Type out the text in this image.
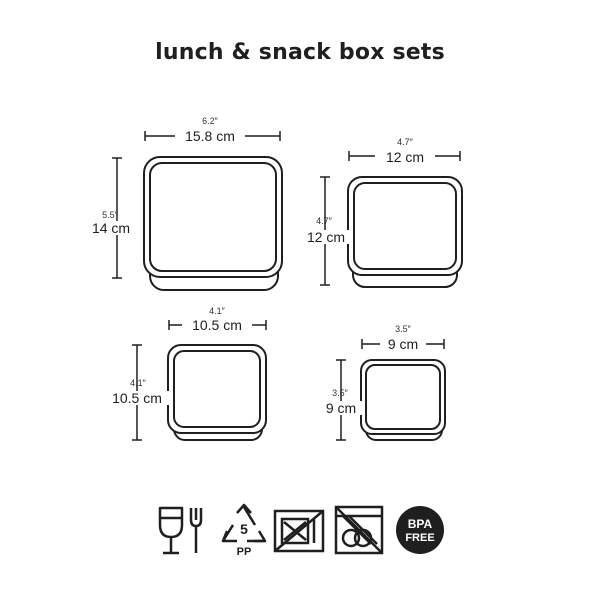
lunch & snack box sets
6.2″
15.8 cm
5.5″
14 cm
4.7″
12 cm
4.7″
12 cm
4.1″
10.5 cm
4.1″
10.5 cm
3.5″
9 cm
3.5″
9 cm
5
PP
BPA
FREE
